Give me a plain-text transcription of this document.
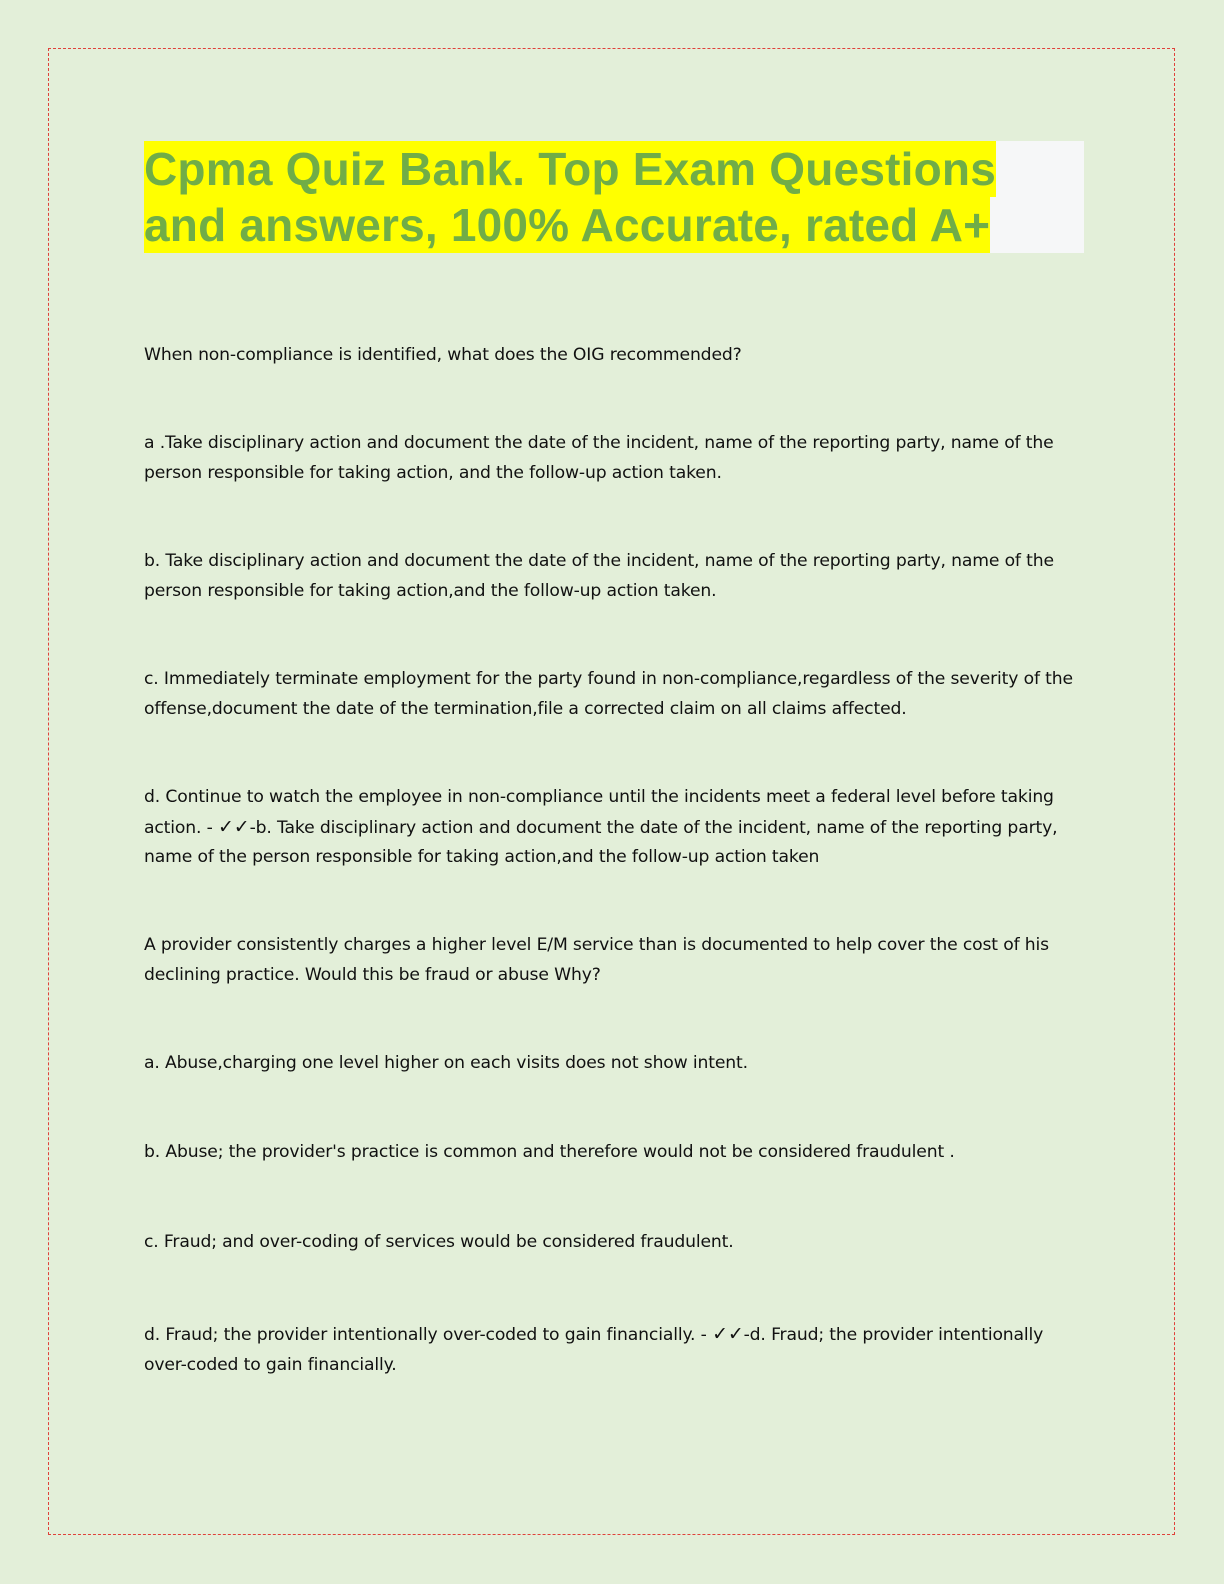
Cpma Quiz Bank. Top Exam Questions
and answers, 100% Accurate, rated A+

When non-compliance is identified, what does the OIG recommended?

a .Take disciplinary action and document the date of the incident, name of the reporting party, name of the person responsible for taking action, and the follow-up action taken.

b. Take disciplinary action and document the date of the incident, name of the reporting party, name of the person responsible for taking action,and the follow-up action taken.

c. Immediately terminate employment for the party found in non-compliance,regardless of the severity of the offense,document the date of the termination,file a corrected claim on all claims affected.

d. Continue to watch the employee in non-compliance until the incidents meet a federal level before taking action. - ✓✓-b. Take disciplinary action and document the date of the incident, name of the reporting party, name of the person responsible for taking action,and the follow-up action taken

A provider consistently charges a higher level E/M service than is documented to help cover the cost of his declining practice. Would this be fraud or abuse Why?

a. Abuse,charging one level higher on each visits does not show intent.

b. Abuse; the provider's practice is common and therefore would not be considered fraudulent .

c. Fraud; and over-coding of services would be considered fraudulent.

d. Fraud; the provider intentionally over-coded to gain financially. - ✓✓-d. Fraud; the provider intentionally over-coded to gain financially.
